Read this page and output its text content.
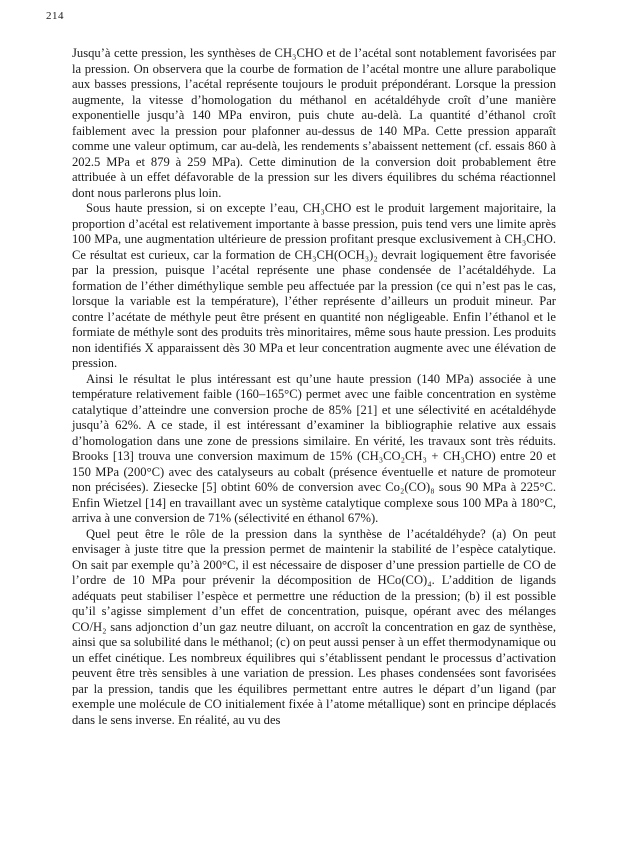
214

Jusqu’à cette pression, les synthèses de CH₃CHO et de l’acétal sont notablement favorisées par la pression. On observera que la courbe de formation de l’acétal montre une allure parabolique aux basses pressions, l’acétal représente toujours le produit prépondérant. Lorsque la pression augmente, la vitesse d’homologation du méthanol en acétaldéhyde croît d’une manière exponentielle jusqu’à 140 MPa environ, puis chute au-delà. La quantité d’éthanol croît faiblement avec la pression pour plafonner au-dessus de 140 MPa. Cette pression apparaît comme une valeur optimum, car au-delà, les rendements s’abaissent nettement (cf. essais 860 à 202.5 MPa et 879 à 259 MPa). Cette diminution de la conversion doit probablement être attribuée à un effet défavorable de la pression sur les divers équilibres du schéma réactionnel dont nous parlerons plus loin.

Sous haute pression, si on excepte l’eau, CH₃CHO est le produit largement majoritaire, la proportion d’acétal est relativement importante à basse pression, puis tend vers une limite après 100 MPa, une augmentation ultérieure de pression profitant presque exclusivement à CH₃CHO. Ce résultat est curieux, car la formation de CH₃CH(OCH₃)₂ devrait logiquement être favorisée par la pression, puisque l’acétal représente une phase condensée de l’acétaldéhyde. La formation de l’éther diméthylique semble peu affectuée par la pression (ce qui n’est pas le cas, lorsque la variable est la température), l’éther représente d’ailleurs un produit mineur. Par contre l’acétate de méthyle peut être présent en quantité non négligeable. Enfin l’éthanol et le formiate de méthyle sont des produits très minoritaires, même sous haute pression. Les produits non identifiés X apparaissent dès 30 MPa et leur concentration augmente avec une élévation de pression.

Ainsi le résultat le plus intéressant est qu’une haute pression (140 MPa) associée à une température relativement faible (160–165°C) permet avec une faible concentration en système catalytique d’atteindre une conversion proche de 85% [21] et une sélectivité en acétaldéhyde jusqu’à 62%. A ce stade, il est intéressant d’examiner la bibliographie relative aux essais d’homologation dans une zone de pressions similaire. En vérité, les travaux sont très réduits. Brooks [13] trouva une conversion maximum de 15% (CH₃CO₂CH₃ + CH₃CHO) entre 20 et 150 MPa (200°C) avec des catalyseurs au cobalt (présence éventuelle et nature de promoteur non précisées). Ziesecke [5] obtint 60% de conversion avec Co₂(CO)₈ sous 90 MPa à 225°C. Enfin Wietzel [14] en travaillant avec un système catalytique complexe sous 100 MPa à 180°C, arriva à une conversion de 71% (sélectivité en éthanol 67%).

Quel peut être le rôle de la pression dans la synthèse de l’acétaldéhyde? (a) On peut envisager à juste titre que la pression permet de maintenir la stabilité de l’espèce catalytique. On sait par exemple qu’à 200°C, il est nécessaire de disposer d’une pression partielle de CO de l’ordre de 10 MPa pour prévenir la décomposition de HCo(CO)₄. L’addition de ligands adéquats peut stabiliser l’espèce et permettre une réduction de la pression; (b) il est possible qu’il s’agisse simplement d’un effet de concentration, puisque, opérant avec des mélanges CO/H₂ sans adjonction d’un gaz neutre diluant, on accroît la concentration en gaz de synthèse, ainsi que sa solubilité dans le méthanol; (c) on peut aussi penser à un effet thermodynamique ou un effet cinétique. Les nombreux équilibres qui s’établissent pendant le processus d’activation peuvent être très sensibles à une variation de pression. Les phases condensées sont favorisées par la pression, tandis que les équilibres permettant entre autres le départ d’un ligand (par exemple une molécule de CO initialement fixée à l’atome métallique) sont en principe déplacés dans le sens inverse. En réalité, au vu des
